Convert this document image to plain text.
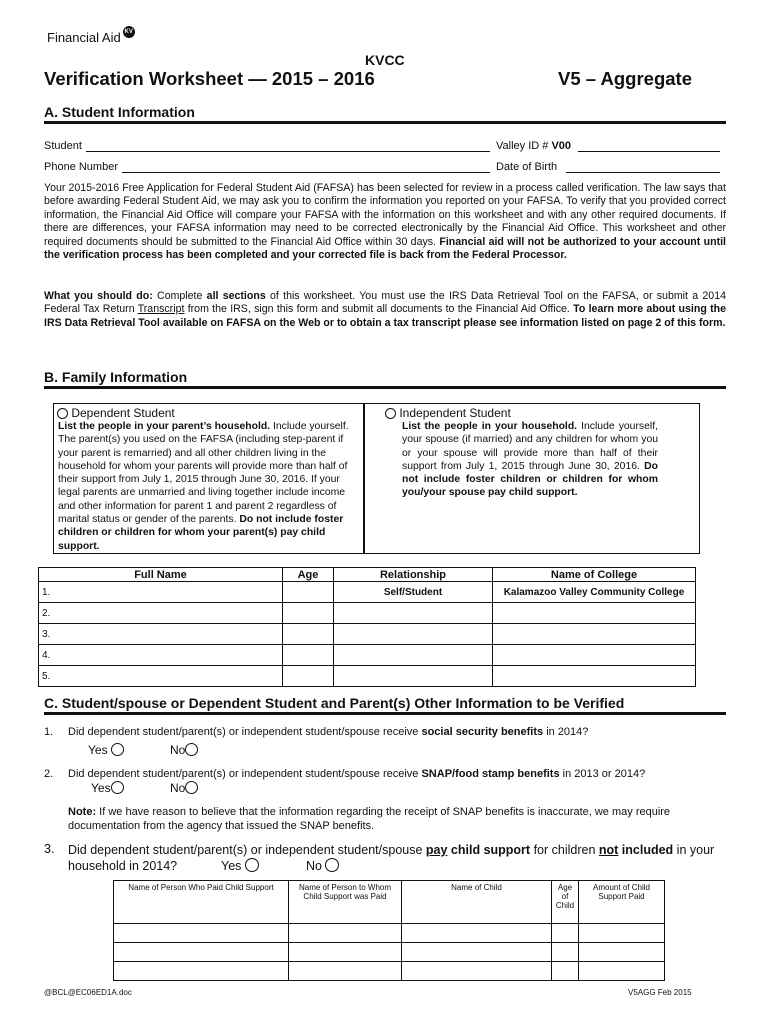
Financial Aid KV
KVCC
Verification Worksheet — 2015 – 2016	V5 – Aggregate
A. Student Information
Student	Valley ID # V00
Phone Number	Date of Birth
Your 2015-2016 Free Application for Federal Student Aid (FAFSA) has been selected for review in a process called verification. The law says that before awarding Federal Student Aid, we may ask you to confirm the information you reported on your FAFSA. To verify that you provided correct information, the Financial Aid Office will compare your FAFSA with the information on this worksheet and with any other required documents. If there are differences, your FAFSA information may need to be corrected electronically by the Financial Aid Office. This worksheet and other required documents should be submitted to the Financial Aid Office within 30 days. Financial aid will not be authorized to your account until the verification process has been completed and your corrected file is back from the Federal Processor.
What you should do: Complete all sections of this worksheet. You must use the IRS Data Retrieval Tool on the FAFSA, or submit a 2014 Federal Tax Return Transcript from the IRS, sign this form and submit all documents to the Financial Aid Office. To learn more about using the IRS Data Retrieval Tool available on FAFSA on the Web or to obtain a tax transcript please see information listed on page 2 of this form.
B. Family Information
Dependent Student
List the people in your parent’s household. Include yourself. The parent(s) you used on the FAFSA (including step-parent if your parent is remarried) and all other children living in the household for whom your parents will provide more than half of their support from July 1, 2015 through June 30, 2016. If your legal parents are unmarried and living together include income and other information for parent 1 and parent 2 regardless of marital status or gender of the parents. Do not include foster children or children for whom your parent(s) pay child support.
Independent Student
List the people in your household. Include yourself, your spouse (if married) and any children for whom you or your spouse will provide more than half of their support from July 1, 2015 through June 30, 2016. Do not include foster children or children for whom you/your spouse pay child support.
Full Name	Age	Relationship	Name of College
1.		Self/Student	Kalamazoo Valley Community College
2.			
3.			
4.			
5.			
C. Student/spouse or Dependent Student and Parent(s) Other Information to be Verified
1. Did dependent student/parent(s) or independent student/spouse receive social security benefits in 2014?
Yes	No
2. Did dependent student/parent(s) or independent student/spouse receive SNAP/food stamp benefits in 2013 or 2014?
Yes	No
Note: If we have reason to believe that the information regarding the receipt of SNAP benefits is inaccurate, we may require documentation from the agency that issued the SNAP benefits.
3. Did dependent student/parent(s) or independent student/spouse pay child support for children not included in your household in 2014?	Yes	No
Name of Person Who Paid Child Support	Name of Person to Whom Child Support was Paid	Name of Child	Age of Child	Amount of Child Support Paid

@BCL@EC06ED1A.doc	V5AGG Feb 2015
